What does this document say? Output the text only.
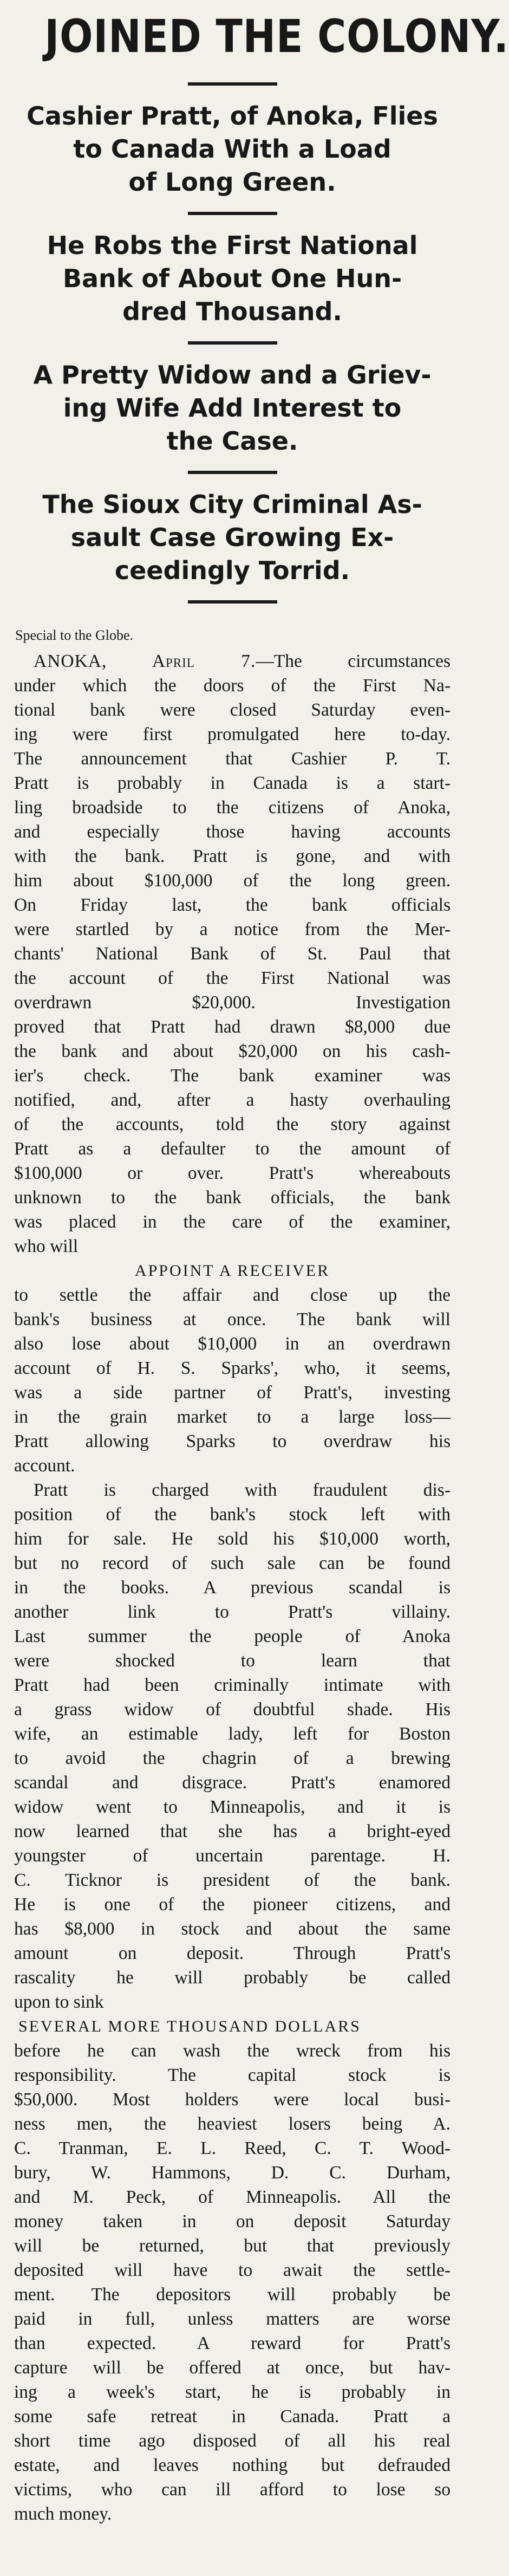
JOINED THE COLONY.
Cashier Pratt, of Anoka, Flies
to Canada With a Load
of Long Green.
He Robs the First National
Bank of About One Hun-
dred Thousand.
A Pretty Widow and a Griev-
ing Wife Add Interest to
the Case.
The Sioux City Criminal As-
sault Case Growing Ex-
ceedingly Torrid.
Special to the Globe.
ANOKA, April 7.—The circumstances
under which the doors of the First Na-
tional bank were closed Saturday even-
ing were first promulgated here to-day.
The announcement that Cashier P. T.
Pratt is probably in Canada is a start-
ling broadside to the citizens of Anoka,
and especially those having accounts
with the bank. Pratt is gone, and with
him about $100,000 of the long green.
On Friday last, the bank officials
were startled by a notice from the Mer-
chants' National Bank of St. Paul that
the account of the First National was
overdrawn $20,000. Investigation
proved that Pratt had drawn $8,000 due
the bank and about $20,000 on his cash-
ier's check. The bank examiner was
notified, and, after a hasty overhauling
of the accounts, told the story against
Pratt as a defaulter to the amount of
$100,000 or over. Pratt's whereabouts
unknown to the bank officials, the bank
was placed in the care of the examiner,
who will
APPOINT A RECEIVER
to settle the affair and close up the
bank's business at once. The bank will
also lose about $10,000 in an overdrawn
account of H. S. Sparks', who, it seems,
was a side partner of Pratt's, investing
in the grain market to a large loss—
Pratt allowing Sparks to overdraw his
account.
Pratt is charged with fraudulent dis-
position of the bank's stock left with
him for sale. He sold his $10,000 worth,
but no record of such sale can be found
in the books. A previous scandal is
another link to Pratt's villainy.
Last summer the people of Anoka
were shocked to learn that
Pratt had been criminally intimate with
a grass widow of doubtful shade. His
wife, an estimable lady, left for Boston
to avoid the chagrin of a brewing
scandal and disgrace. Pratt's enamored
widow went to Minneapolis, and it is
now learned that she has a bright-eyed
youngster of uncertain parentage. H.
C. Ticknor is president of the bank.
He is one of the pioneer citizens, and
has $8,000 in stock and about the same
amount on deposit. Through Pratt's
rascality he will probably be called
upon to sink
SEVERAL MORE THOUSAND DOLLARS
before he can wash the wreck from his
responsibility. The capital stock is
$50,000. Most holders were local busi-
ness men, the heaviest losers being A.
C. Tranman, E. L. Reed, C. T. Wood-
bury, W. Hammons, D. C. Durham,
and M. Peck, of Minneapolis. All the
money taken in on deposit Saturday
will be returned, but that previously
deposited will have to await the settle-
ment. The depositors will probably be
paid in full, unless matters are worse
than expected. A reward for Pratt's
capture will be offered at once, but hav-
ing a week's start, he is probably in
some safe retreat in Canada. Pratt a
short time ago disposed of all his real
estate, and leaves nothing but defrauded
victims, who can ill afford to lose so
much money.
